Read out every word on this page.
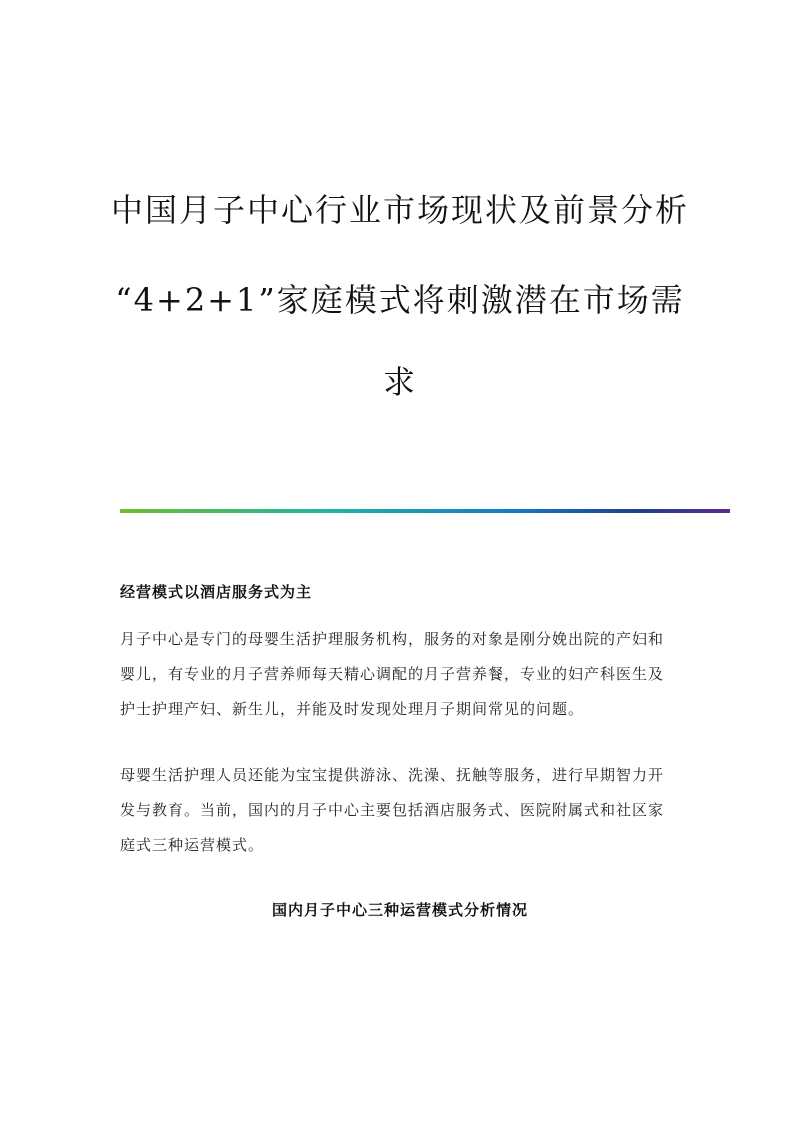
中国月子中心行业市场现状及前景分析
“4+2+1”家庭模式将刺激潜在市场需
求
经营模式以酒店服务式为主
月子中心是专门的母婴生活护理服务机构，服务的对象是刚分娩出院的产妇和
婴儿，有专业的月子营养师每天精心调配的月子营养餐，专业的妇产科医生及
护士护理产妇、新生儿，并能及时发现处理月子期间常见的问题。
母婴生活护理人员还能为宝宝提供游泳、洗澡、抚触等服务，进行早期智力开
发与教育。当前，国内的月子中心主要包括酒店服务式、医院附属式和社区家
庭式三种运营模式。
国内月子中心三种运营模式分析情况
